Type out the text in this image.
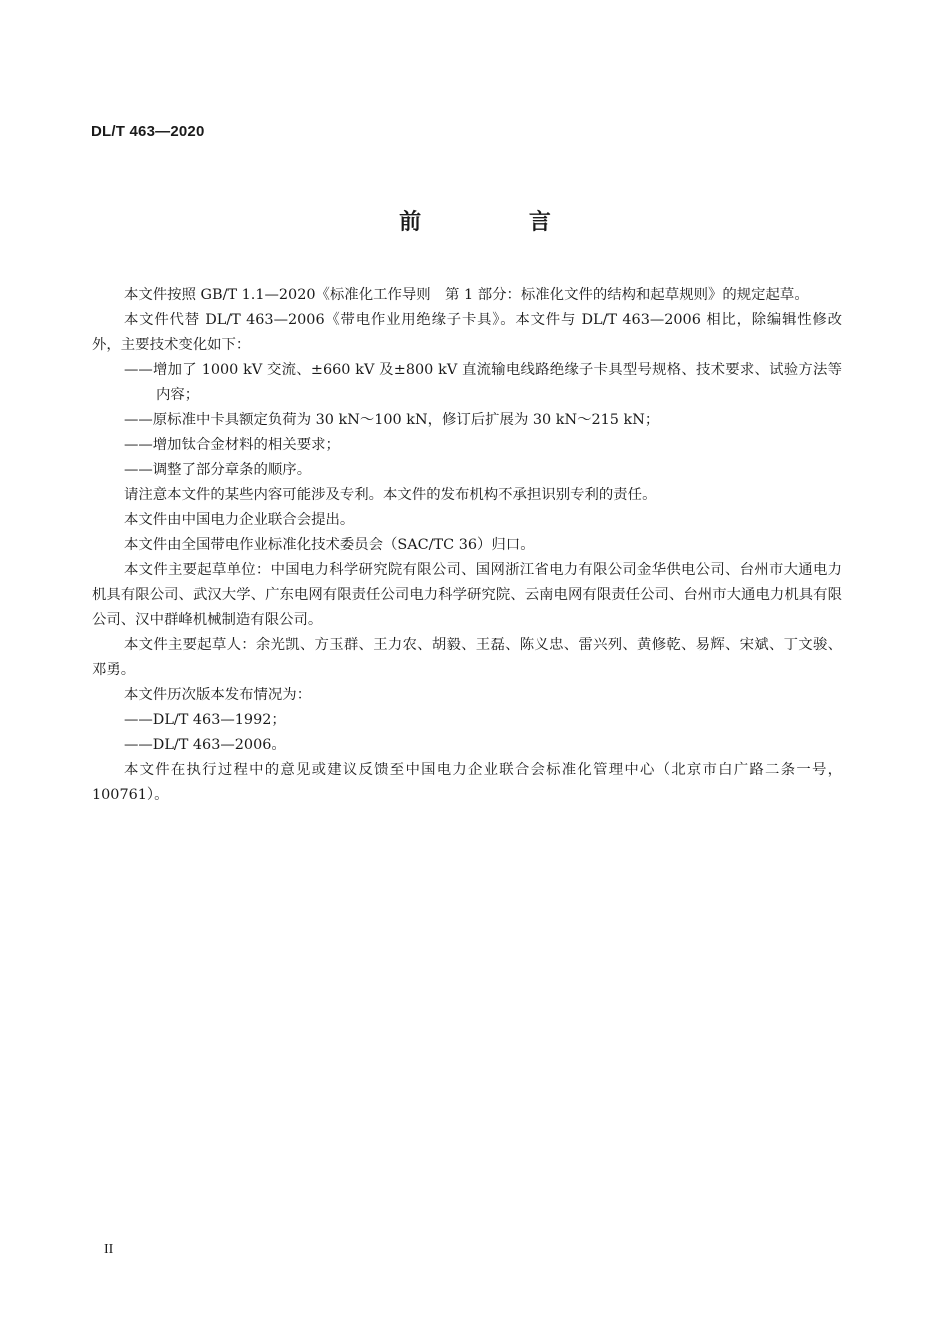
DL/T 463—2020
前 言

本文件按照 GB/T 1.1—2020《标准化工作导则　第 1 部分：标准化文件的结构和起草规则》的规定起草。

本文件代替 DL/T 463—2006《带电作业用绝缘子卡具》。本文件与 DL/T 463—2006 相比，除编辑性修改外，主要技术变化如下：

——增加了 1000 kV 交流、±660 kV 及±800 kV 直流输电线路绝缘子卡具型号规格、技术要求、试验方法等内容；

——原标准中卡具额定负荷为 30 kN～100 kN，修订后扩展为 30 kN～215 kN；

——增加钛合金材料的相关要求；

——调整了部分章条的顺序。

请注意本文件的某些内容可能涉及专利。本文件的发布机构不承担识别专利的责任。

本文件由中国电力企业联合会提出。

本文件由全国带电作业标准化技术委员会（SAC/TC 36）归口。

本文件主要起草单位：中国电力科学研究院有限公司、国网浙江省电力有限公司金华供电公司、台州市大通电力机具有限公司、武汉大学、广东电网有限责任公司电力科学研究院、云南电网有限责任公司、台州市大通电力机具有限公司、汉中群峰机械制造有限公司。

本文件主要起草人：余光凯、方玉群、王力农、胡毅、王磊、陈义忠、雷兴列、黄修乾、易辉、宋斌、丁文骏、邓勇。

本文件历次版本发布情况为：

——DL/T 463—1992；

——DL/T 463—2006。

本文件在执行过程中的意见或建议反馈至中国电力企业联合会标准化管理中心（北京市白广路二条一号，100761）。

II
